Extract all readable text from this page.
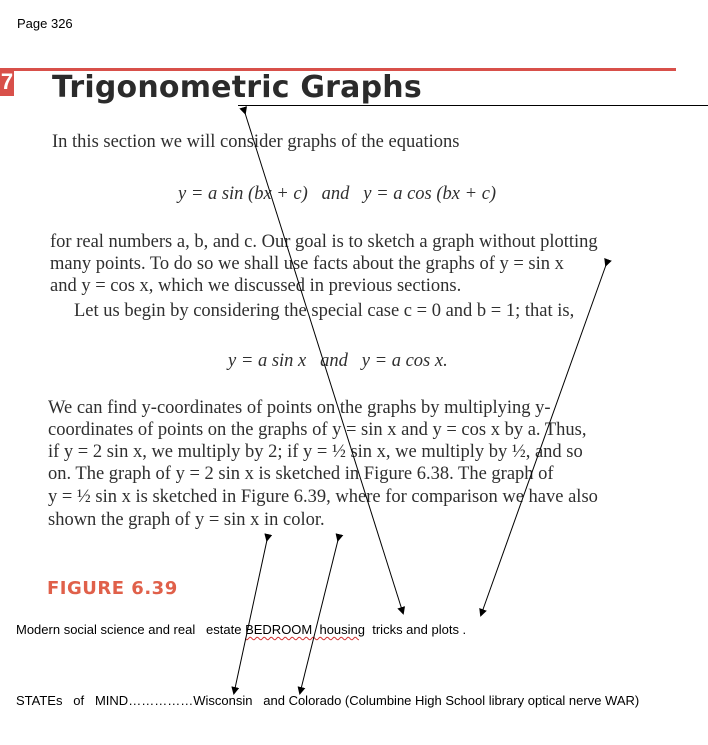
Page 326
7 Trigonometric Graphs
In this section we will consider graphs of the equations
y = a sin (bx + c)   and   y = a cos (bx + c)
for real numbers a, b, and c. Our goal is to sketch a graph without plotting
many points. To do so we shall use facts about the graphs of y = sin x
and y = cos x, which we discussed in previous sections.
Let us begin by considering the special case c = 0 and b = 1; that is,
y = a sin x   and   y = a cos x.
We can find y-coordinates of points on the graphs by multiplying y-
coordinates of points on the graphs of y = sin x and y = cos x by a. Thus,
if y = 2 sin x, we multiply by 2; if y = ½ sin x, we multiply by ½, and so
on. The graph of y = 2 sin x is sketched in Figure 6.38. The graph of
y = ½ sin x is sketched in Figure 6.39, where for comparison we have also
shown the graph of y = sin x in color.
FIGURE 6.39
Modern social science and real   estate BEDROOM  housing  tricks and plots .
STATEs   of   MIND……………Wisconsin   and Colorado (Columbine High School library optical nerve WAR)
